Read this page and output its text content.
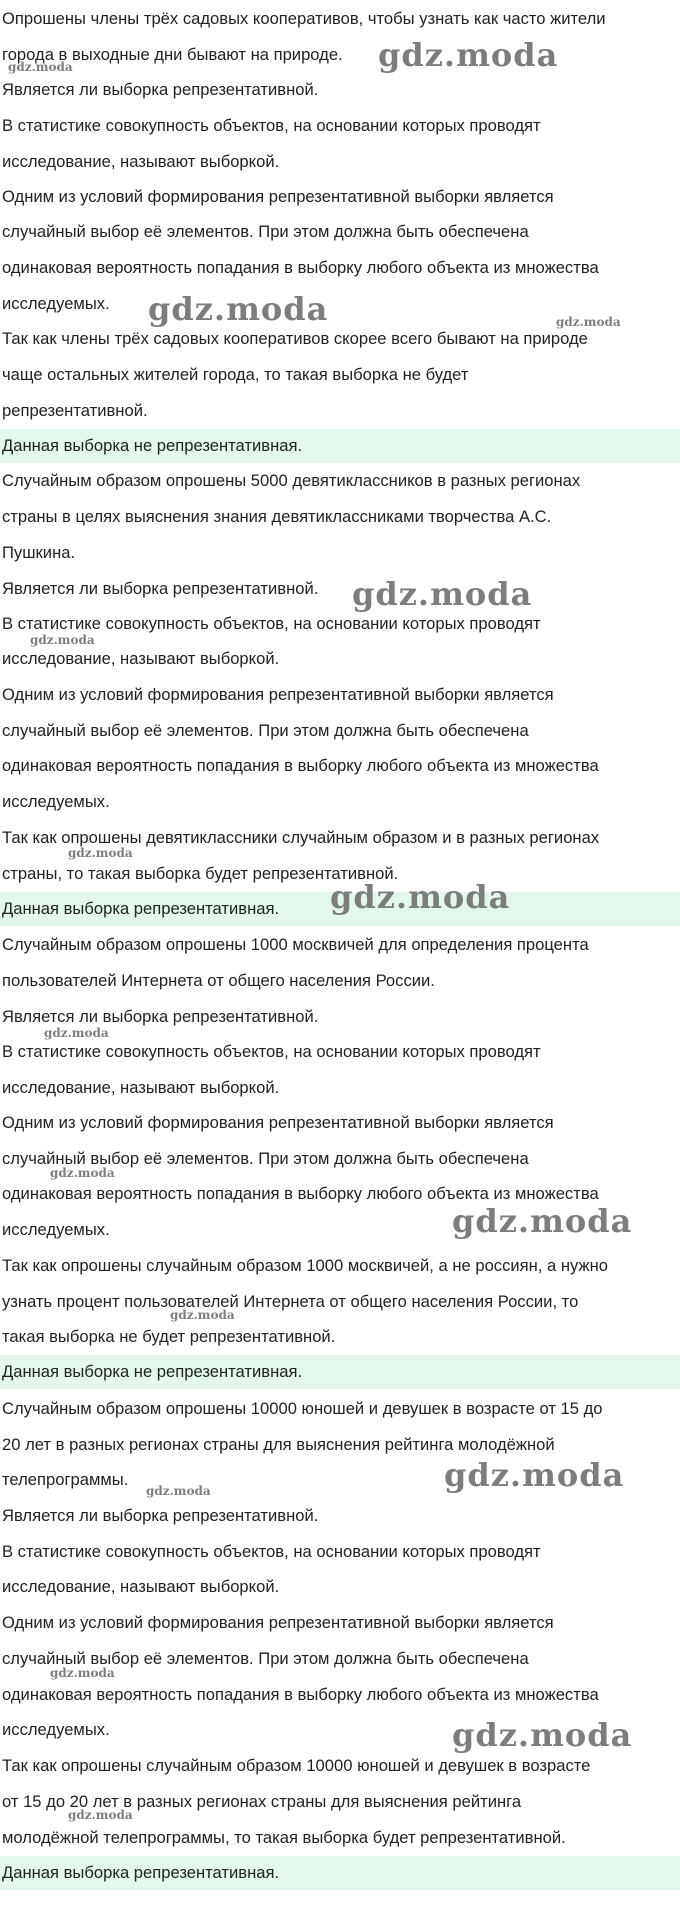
Опрошены члены трёх садовых кооперативов, чтобы узнать как часто жители
города в выходные дни бывают на природе.
Является ли выборка репрезентативной.
В статистике совокупность объектов, на основании которых проводят
исследование, называют выборкой.
Одним из условий формирования репрезентативной выборки является
случайный выбор её элементов. При этом должна быть обеспечена
одинаковая вероятность попадания в выборку любого объекта из множества
исследуемых.
Так как члены трёх садовых кооперативов скорее всего бывают на природе
чаще остальных жителей города, то такая выборка не будет
репрезентативной.
Данная выборка не репрезентативная.
Случайным образом опрошены 5000 девятиклассников в разных регионах
страны в целях выяснения знания девятиклассниками творчества А.С.
Пушкина.
Является ли выборка репрезентативной.
В статистике совокупность объектов, на основании которых проводят
исследование, называют выборкой.
Одним из условий формирования репрезентативной выборки является
случайный выбор её элементов. При этом должна быть обеспечена
одинаковая вероятность попадания в выборку любого объекта из множества
исследуемых.
Так как опрошены девятиклассники случайным образом и в разных регионах
страны, то такая выборка будет репрезентативной.
Данная выборка репрезентативная.
Случайным образом опрошены 1000 москвичей для определения процента
пользователей Интернета от общего населения России.
Является ли выборка репрезентативной.
В статистике совокупность объектов, на основании которых проводят
исследование, называют выборкой.
Одним из условий формирования репрезентативной выборки является
случайный выбор её элементов. При этом должна быть обеспечена
одинаковая вероятность попадания в выборку любого объекта из множества
исследуемых.
Так как опрошены случайным образом 1000 москвичей, а не россиян, а нужно
узнать процент пользователей Интернета от общего населения России, то
такая выборка не будет репрезентативной.
Данная выборка не репрезентативная.
Случайным образом опрошены 10000 юношей и девушек в возрасте от 15 до
20 лет в разных регионах страны для выяснения рейтинга молодёжной
телепрограммы.
Является ли выборка репрезентативной.
В статистике совокупность объектов, на основании которых проводят
исследование, называют выборкой.
Одним из условий формирования репрезентативной выборки является
случайный выбор её элементов. При этом должна быть обеспечена
одинаковая вероятность попадания в выборку любого объекта из множества
исследуемых.
Так как опрошены случайным образом 10000 юношей и девушек в возрасте
от 15 до 20 лет в разных регионах страны для выяснения рейтинга
молодёжной телепрограммы, то такая выборка будет репрезентативной.
Данная выборка репрезентативная.
gdz.moda
gdz.moda
gdz.moda	gdz.moda
gdz.moda
gdz.moda
gdz.moda
gdz.moda
gdz.moda
gdz.moda
gdz.moda
gdz.moda
gdz.moda	gdz.moda
gdz.moda
gdz.moda
gdz.moda
